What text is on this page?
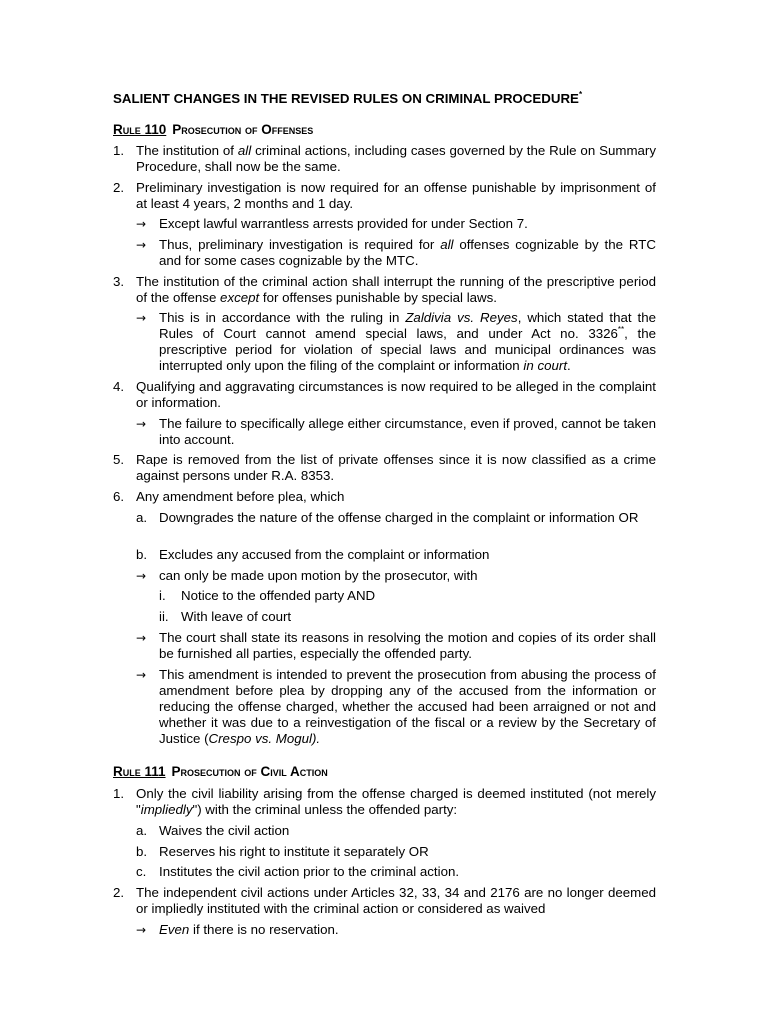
SALIENT CHANGES IN THE REVISED RULES ON CRIMINAL PROCEDURE*
Rule 110 Prosecution of Offenses
1. The institution of all criminal actions, including cases governed by the Rule on Summary Procedure, shall now be the same.
2. Preliminary investigation is now required for an offense punishable by imprisonment of at least 4 years, 2 months and 1 day.
→ Except lawful warrantless arrests provided for under Section 7.
→ Thus, preliminary investigation is required for all offenses cognizable by the RTC and for some cases cognizable by the MTC.
3. The institution of the criminal action shall interrupt the running of the prescriptive period of the offense except for offenses punishable by special laws.
→ This is in accordance with the ruling in Zaldivia vs. Reyes, which stated that the Rules of Court cannot amend special laws, and under Act no. 3326**, the prescriptive period for violation of special laws and municipal ordinances was interrupted only upon the filing of the complaint or information in court.
4. Qualifying and aggravating circumstances is now required to be alleged in the complaint or information.
→ The failure to specifically allege either circumstance, even if proved, cannot be taken into account.
5. Rape is removed from the list of private offenses since it is now classified as a crime against persons under R.A. 8353.
6. Any amendment before plea, which
a. Downgrades the nature of the offense charged in the complaint or information OR
b. Excludes any accused from the complaint or information
→ can only be made upon motion by the prosecutor, with
i. Notice to the offended party AND
ii. With leave of court
→ The court shall state its reasons in resolving the motion and copies of its order shall be furnished all parties, especially the offended party.
→ This amendment is intended to prevent the prosecution from abusing the process of amendment before plea by dropping any of the accused from the information or reducing the offense charged, whether the accused had been arraigned or not and whether it was due to a reinvestigation of the fiscal or a review by the Secretary of Justice (Crespo vs. Mogul).
Rule 111 Prosecution of Civil Action
1. Only the civil liability arising from the offense charged is deemed instituted (not merely "impliedly") with the criminal unless the offended party:
a. Waives the civil action
b. Reserves his right to institute it separately OR
c. Institutes the civil action prior to the criminal action.
2. The independent civil actions under Articles 32, 33, 34 and 2176 are no longer deemed or impliedly instituted with the criminal action or considered as waived
→ Even if there is no reservation.
